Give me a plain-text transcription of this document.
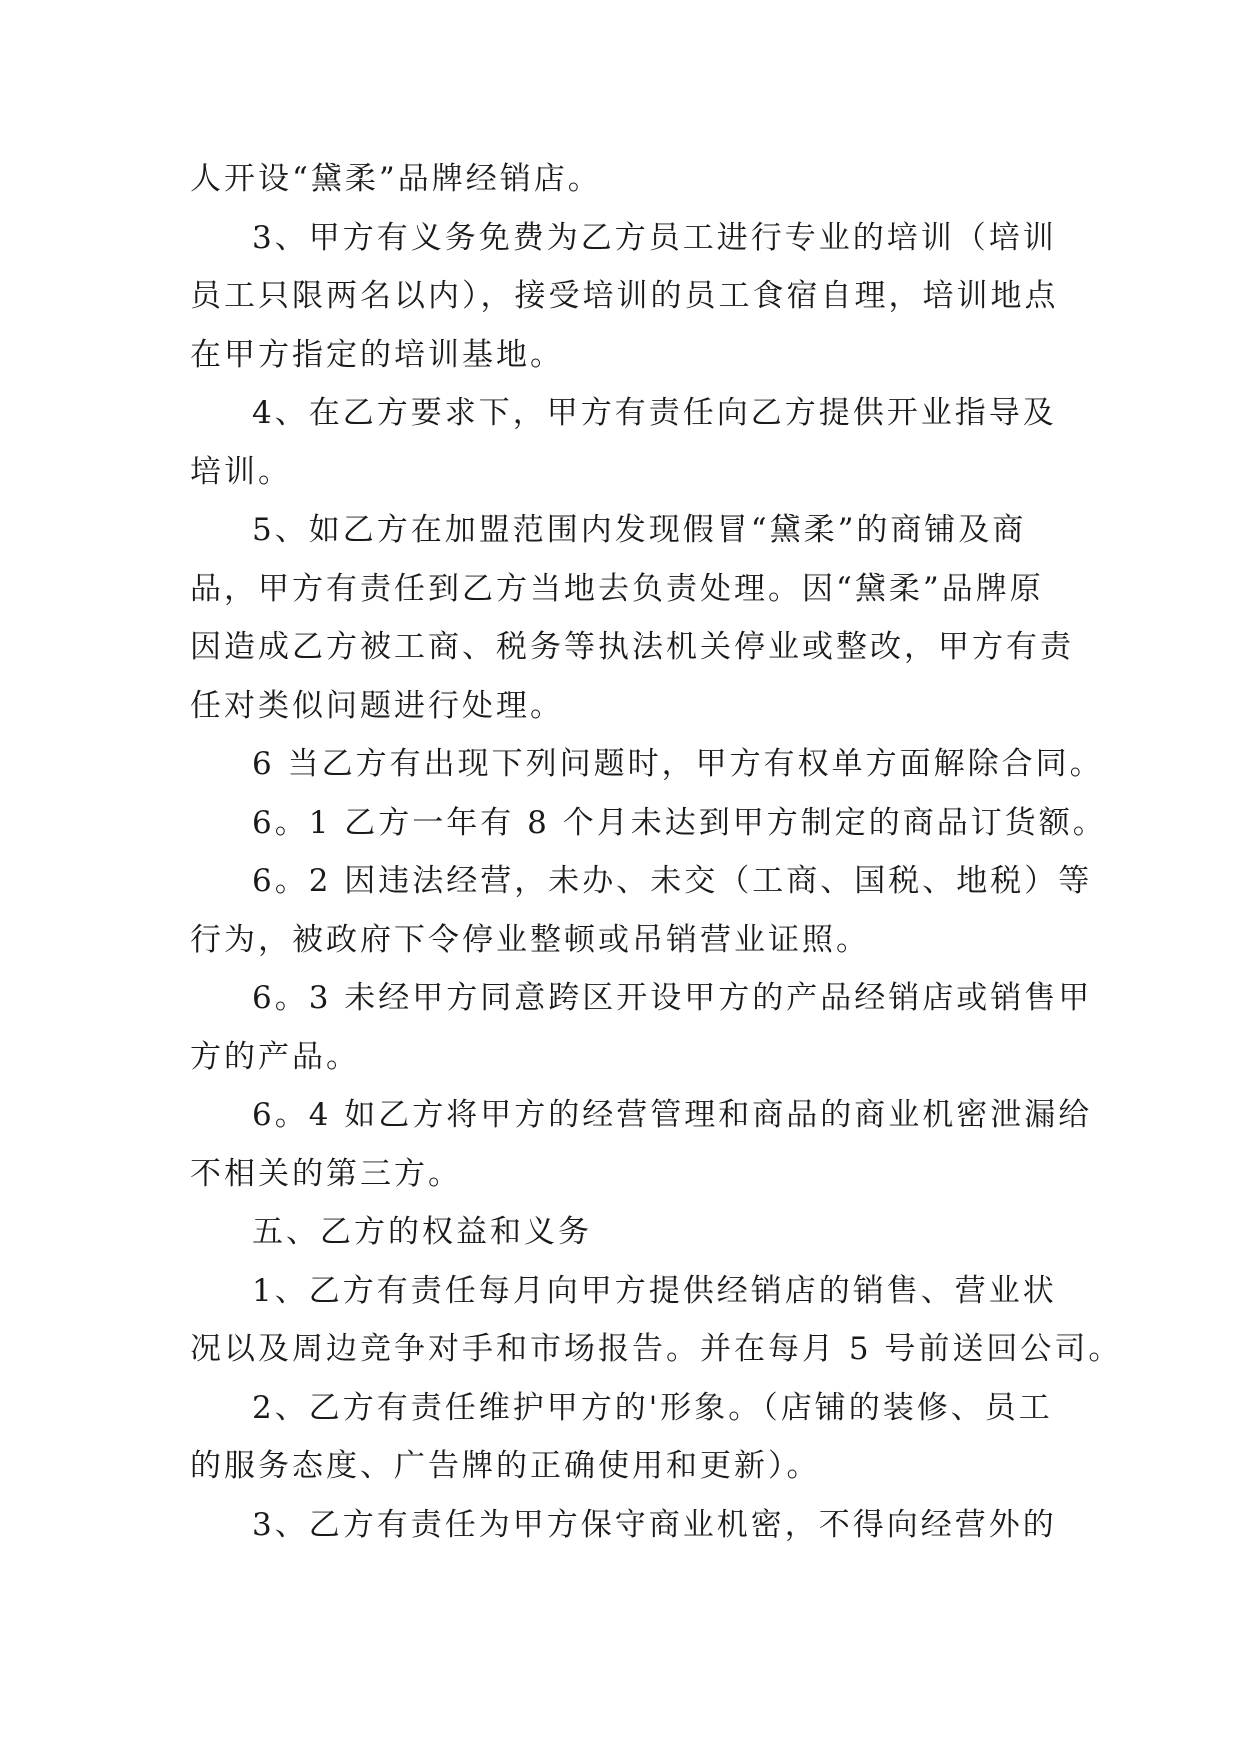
人开设“黛柔”品牌经销店。
3、甲方有义务免费为乙方员工进行专业的培训（培训
员工只限两名以内），接受培训的员工食宿自理，培训地点
在甲方指定的培训基地。
4、在乙方要求下，甲方有责任向乙方提供开业指导及
培训。
5、如乙方在加盟范围内发现假冒“黛柔”的商铺及商
品，甲方有责任到乙方当地去负责处理。因“黛柔”品牌原
因造成乙方被工商、税务等执法机关停业或整改，甲方有责
任对类似问题进行处理。
6 当乙方有出现下列问题时，甲方有权单方面解除合同。
6。1 乙方一年有 8 个月未达到甲方制定的商品订货额。
6。2 因违法经营，未办、未交（工商、国税、地税）等
行为，被政府下令停业整顿或吊销营业证照。
6。3 未经甲方同意跨区开设甲方的产品经销店或销售甲
方的产品。
6。4 如乙方将甲方的经营管理和商品的商业机密泄漏给
不相关的第三方。
五、乙方的权益和义务
1、乙方有责任每月向甲方提供经销店的销售、营业状
况以及周边竞争对手和市场报告。并在每月 5 号前送回公司。
2、乙方有责任维护甲方的'形象。（店铺的装修、员工
的服务态度、广告牌的正确使用和更新）。
3、乙方有责任为甲方保守商业机密，不得向经营外的
